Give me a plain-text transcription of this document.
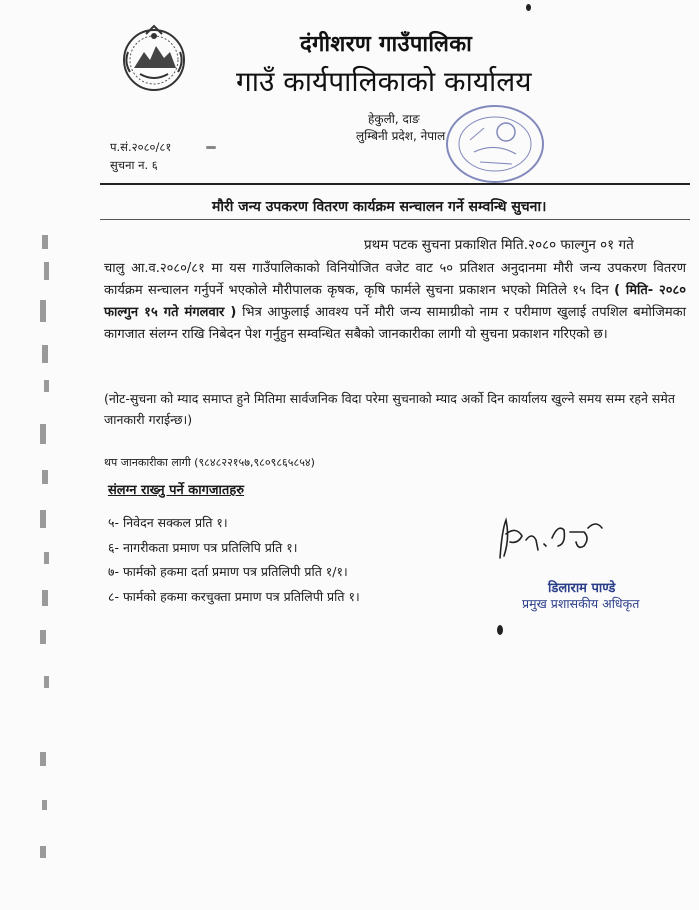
दंगीशरण गाउँपालिका
गाउँ कार्यपालिकाको कार्यालय
हेकुली, दाङ
लुम्बिनी प्रदेश, नेपाल
प.सं.२०८०/८१
सुचना न. ६
मौरी जन्य उपकरण वितरण कार्यक्रम सन्चालन गर्ने सम्वन्धि सुचना।
प्रथम पटक सुचना प्रकाशित मिति.२०८० फाल्गुन ०१ गते
चालु आ.व.२०८०/८१ मा यस गाउँपालिकाको विनियोजित वजेट वाट ५० प्रतिशत अनुदानमा मौरी जन्य उपकरण वितरण कार्यक्रम सन्चालन गर्नुपर्ने भएकोले मौरीपालक कृषक, कृषि फार्मले सुचना प्रकाशन भएको मितिले १५ दिन ( मिति- २०८० फाल्गुन १५ गते मंगलवार ) भित्र आफुलाई आवश्य पर्ने मौरी जन्य सामाग्रीको नाम र परीमाण खुलाई तपशिल बमोजिमका कागजात संलग्न राखि निबेदन पेश गर्नुहुन सम्वन्धित सबैको जानकारीका लागी यो सुचना प्रकाशन गरिएको छ।
(नोट-सुचना को म्याद समाप्त हुने मितिमा सार्वजनिक विदा परेमा सुचनाको म्याद अर्को दिन कार्यालय खुल्ने समय सम्म रहने समेत जानकारी गराईन्छ।)
थप जानकारीका लागी (९८४८२२१५७,९८०९८६५८५४)
संलग्न राख्नु पर्ने कागजातहरु
५- निवेदन सक्कल प्रति १।
६- नागरीकता प्रमाण पत्र प्रतिलिपि प्रति १।
७- फार्मको हकमा दर्ता प्रमाण पत्र प्रतिलिपी प्रति १/१।
८- फार्मको हकमा करचुक्ता प्रमाण पत्र प्रतिलिपी प्रति १।	डिलाराम पाण्डे
प्रमुख प्रशासकीय अधिकृत
